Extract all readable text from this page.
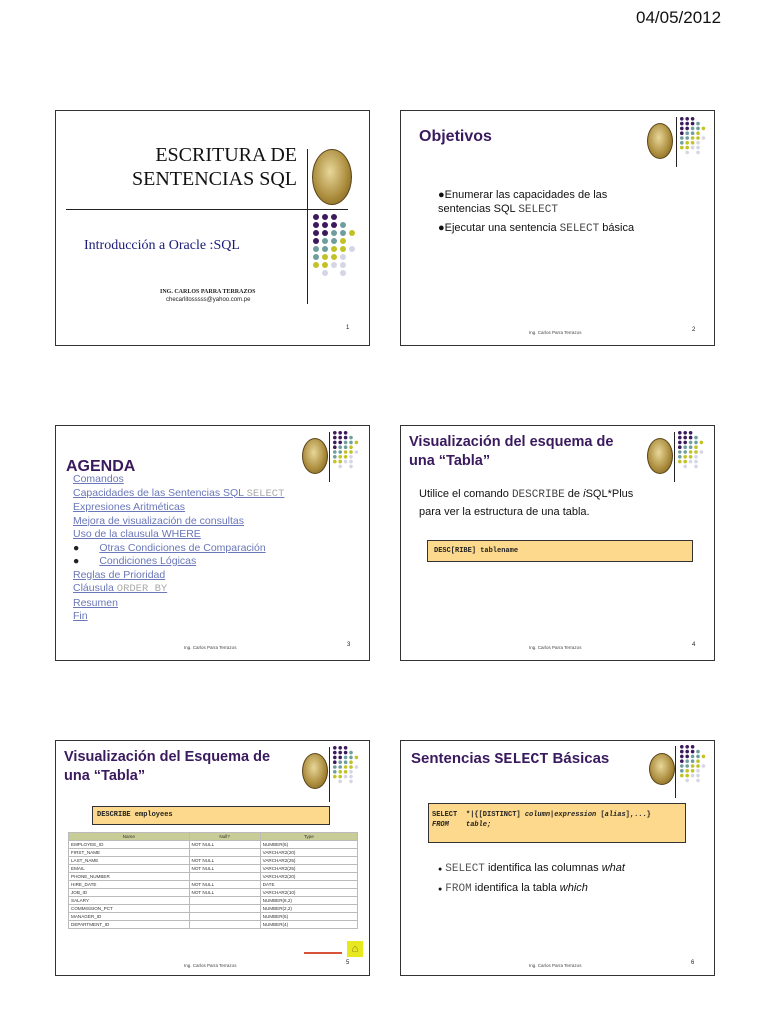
04/05/2012
ESCRITURA DE
SENTENCIAS SQL
Introducción a Oracle :SQL
ING. CARLOS PARRA TERRAZOS
checarlitosssss@yahoo.com.pe
1
Objetivos
●Enumerar las capacidades de las
sentencias SQL SELECT
●Ejecutar una sentencia SELECT básica
Ing. Carlos Parra Terrazos	2
AGENDA
Comandos
Capacidades de las Sentencias SQL SELECT
Expresiones Aritméticas
Mejora de visualización de consultas
Uso de la clausula WHERE
● Otras Condiciones de Comparación
● Condiciones Lógicas
Reglas de Prioridad
Cláusula ORDER BY
Resumen
Fin
Ing. Carlos Parra Terrazos	3
Visualización del esquema de
una “Tabla”
Utilice el comando DESCRIBE de iSQL*Plus
para ver la estructura de una tabla.
DESC[RIBE] tablename
Ing. Carlos Parra Terrazos	4
Visualización del Esquema de
una “Tabla”
DESCRIBE employees
Name	Null?	Type
EMPLOYEE_ID	NOT NULL	NUMBER(6)
FIRST_NAME		VARCHAR2(20)
LAST_NAME	NOT NULL	VARCHAR2(25)
EMAIL	NOT NULL	VARCHAR2(25)
PHONE_NUMBER		VARCHAR2(20)
HIRE_DATE	NOT NULL	DATE
JOB_ID	NOT NULL	VARCHAR2(10)
SALARY		NUMBER(8,2)
COMMISSION_PCT		NUMBER(2,2)
MANAGER_ID		NUMBER(6)
DEPARTMENT_ID		NUMBER(4)
⌂
Ing. Carlos Parra Terrazos	5
Sentencias SELECT Básicas
SELECT *|{[DISTINCT] column|expression [alias],...}
FROM table;
● SELECT identifica las columnas what
● FROM identifica la tabla which
Ing. Carlos Parra Terrazos	6
